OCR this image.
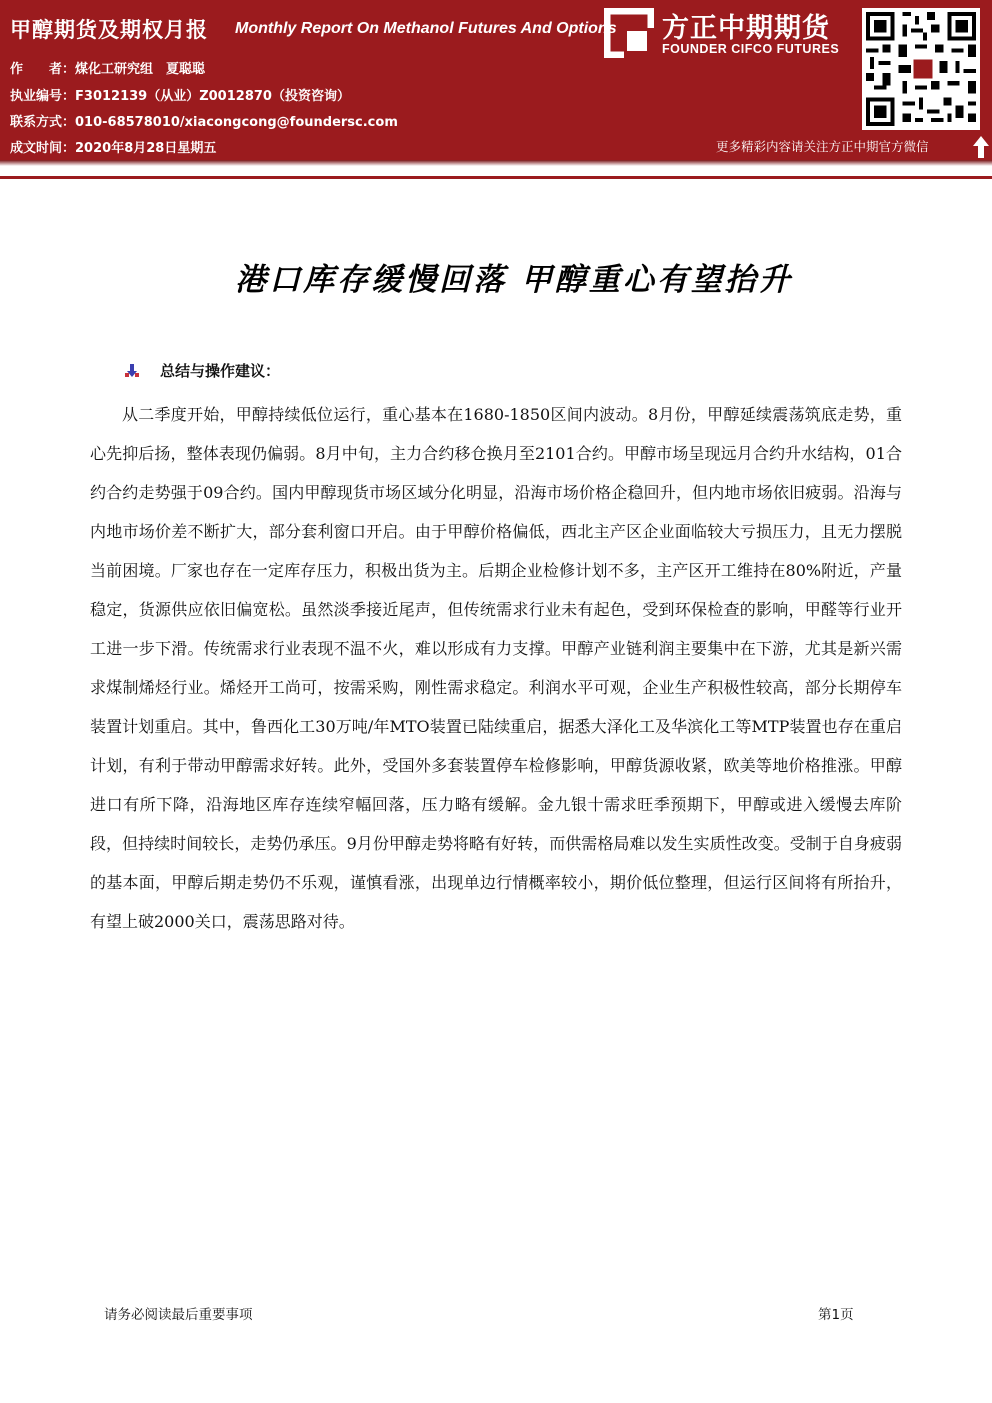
甲醇期货及期权月报 Monthly Report On Methanol Futures And Options
作　　者：煤化工研究组　夏聪聪
执业编号：F3012139（从业）Z0012870（投资咨询）
联系方式：010-68578010/xiacongcong@foundersc.com
成文时间：2020年8月28日星期五
方正中期期货
FOUNDER CIFCO FUTURES
更多精彩内容请关注方正中期官方微信
港口库存缓慢回落 甲醇重心有望抬升
总结与操作建议：
从二季度开始，甲醇持续低位运行，重心基本在1680-1850区间内波动。8月份，甲醇延续震荡筑底走势，重心先抑后扬，整体表现仍偏弱。8月中旬，主力合约移仓换月至2101合约。甲醇市场呈现远月合约升水结构，01合约合约走势强于09合约。国内甲醇现货市场区域分化明显，沿海市场价格企稳回升，但内地市场依旧疲弱。沿海与内地市场价差不断扩大，部分套利窗口开启。由于甲醇价格偏低，西北主产区企业面临较大亏损压力，且无力摆脱当前困境。厂家也存在一定库存压力，积极出货为主。后期企业检修计划不多，主产区开工维持在80%附近，产量稳定，货源供应依旧偏宽松。虽然淡季接近尾声，但传统需求行业未有起色，受到环保检查的影响，甲醛等行业开工进一步下滑。传统需求行业表现不温不火，难以形成有力支撑。甲醇产业链利润主要集中在下游，尤其是新兴需求煤制烯烃行业。烯烃开工尚可，按需采购，刚性需求稳定。利润水平可观，企业生产积极性较高，部分长期停车装置计划重启。其中，鲁西化工30万吨/年MTO装置已陆续重启，据悉大泽化工及华滨化工等MTP装置也存在重启计划，有利于带动甲醇需求好转。此外，受国外多套装置停车检修影响，甲醇货源收紧，欧美等地价格推涨。甲醇进口有所下降，沿海地区库存连续窄幅回落，压力略有缓解。金九银十需求旺季预期下，甲醇或进入缓慢去库阶段，但持续时间较长，走势仍承压。9月份甲醇走势将略有好转，而供需格局难以发生实质性改变。受制于自身疲弱的基本面，甲醇后期走势仍不乐观，谨慎看涨，出现单边行情概率较小，期价低位整理，但运行区间将有所抬升，有望上破2000关口，震荡思路对待。
请务必阅读最后重要事项	第1页
